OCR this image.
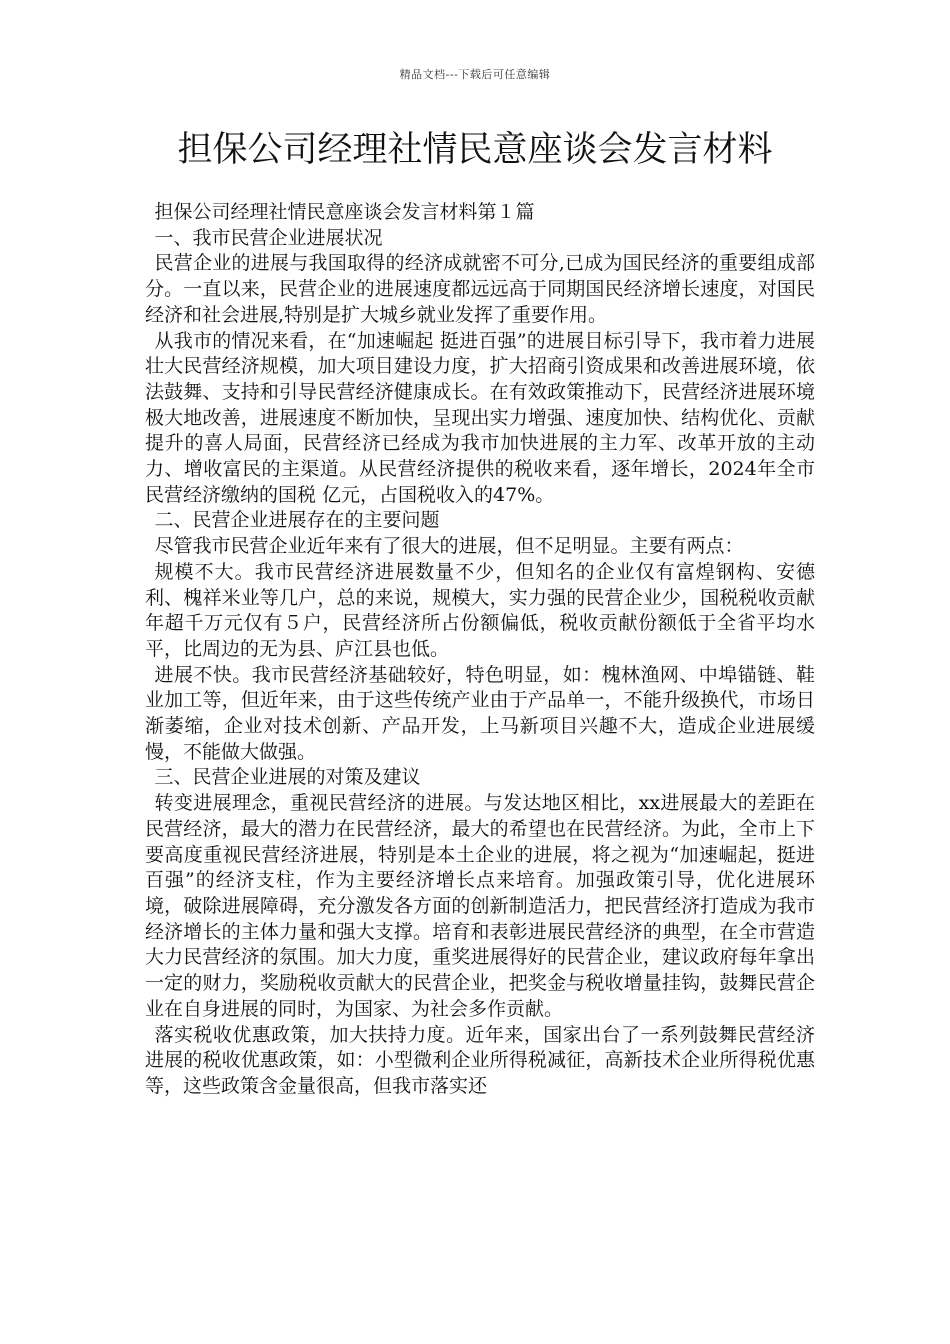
精品文档---下载后可任意编辑
担保公司经理社情民意座谈会发言材料

担保公司经理社情民意座谈会发言材料第１篇

一、我市民营企业进展状况

民营企业的进展与我国取得的经济成就密不可分,已成为国民经济的重要组成部分。一直以来，民营企业的进展速度都远远高于同期国民经济增长速度，对国民经济和社会进展,特别是扩大城乡就业发挥了重要作用。

从我市的情况来看，在“加速崛起 挺进百强”的进展目标引导下，我市着力进展壮大民营经济规模，加大项目建设力度，扩大招商引资成果和改善进展环境，依法鼓舞、支持和引导民营经济健康成长。在有效政策推动下，民营经济进展环境极大地改善，进展速度不断加快，呈现出实力增强、速度加快、结构优化、贡献提升的喜人局面，民营经济已经成为我市加快进展的主力军、改革开放的主动力、增收富民的主渠道。从民营经济提供的税收来看，逐年增长，2024年全市民营经济缴纳的国税 亿元，占国税收入的47%。

二、民营企业进展存在的主要问题

尽管我市民营企业近年来有了很大的进展，但不足明显。主要有两点：

规模不大。我市民营经济进展数量不少，但知名的企业仅有富煌钢构、安德利、槐祥米业等几户，总的来说，规模大，实力强的民营企业少，国税税收贡献年超千万元仅有５户，民营经济所占份额偏低，税收贡献份额低于全省平均水平，比周边的无为县、庐江县也低。

进展不快。我市民营经济基础较好，特色明显，如：槐林渔网、中埠锚链、鞋业加工等，但近年来，由于这些传统产业由于产品单一，不能升级换代，市场日渐萎缩，企业对技术创新、产品开发，上马新项目兴趣不大，造成企业进展缓慢，不能做大做强。

三、民营企业进展的对策及建议

转变进展理念，重视民营经济的进展。与发达地区相比，xx进展最大的差距在民营经济，最大的潜力在民营经济，最大的希望也在民营经济。为此，全市上下要高度重视民营经济进展，特别是本土企业的进展，将之视为“加速崛起，挺进百强”的经济支柱，作为主要经济增长点来培育。加强政策引导，优化进展环境，破除进展障碍，充分激发各方面的创新制造活力，把民营经济打造成为我市经济增长的主体力量和强大支撑。培育和表彰进展民营经济的典型，在全市营造大力民营经济的氛围。加大力度，重奖进展得好的民营企业，建议政府每年拿出一定的财力，奖励税收贡献大的民营企业，把奖金与税收增量挂钩，鼓舞民营企业在自身进展的同时，为国家、为社会多作贡献。

落实税收优惠政策，加大扶持力度。近年来，国家出台了一系列鼓舞民营经济进展的税收优惠政策，如：小型微利企业所得税减征，高新技术企业所得税优惠等，这些政策含金量很高，但我市落实还
